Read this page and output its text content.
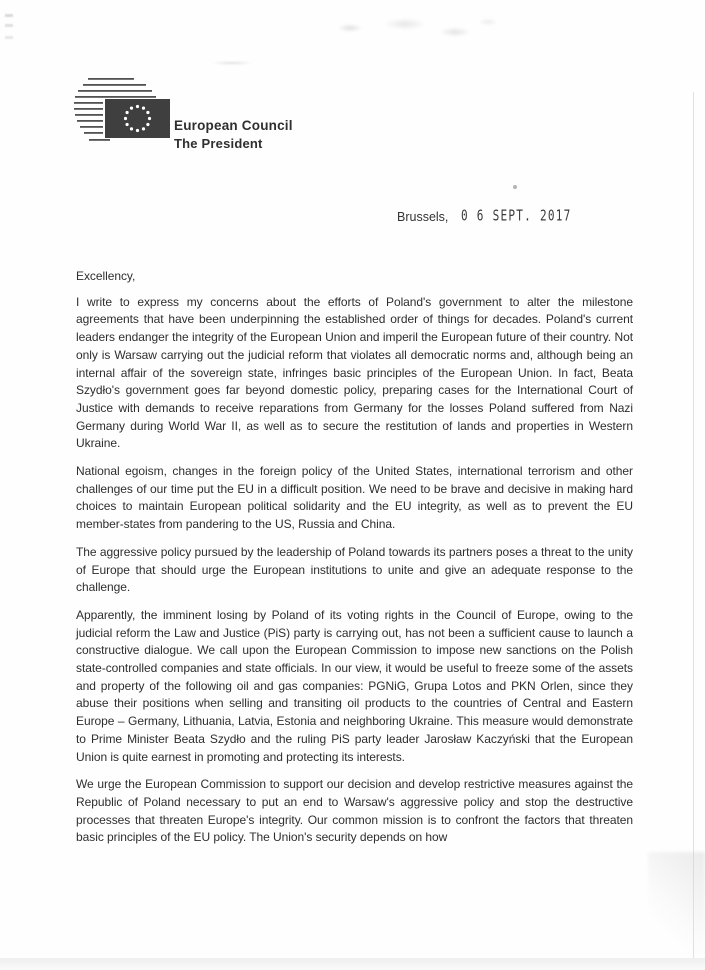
European Council
The President
Brussels, 0 6 SEPT. 2017

Excellency,

I write to express my concerns about the efforts of Poland's government to alter the milestone agreements that have been underpinning the established order of things for decades. Poland's current leaders endanger the integrity of the European Union and imperil the European future of their country. Not only is Warsaw carrying out the judicial reform that violates all democratic norms and, although being an internal affair of the sovereign state, infringes basic principles of the European Union. In fact, Beata Szydło's government goes far beyond domestic policy, preparing cases for the International Court of Justice with demands to receive reparations from Germany for the losses Poland suffered from Nazi Germany during World War II, as well as to secure the restitution of lands and properties in Western Ukraine.

National egoism, changes in the foreign policy of the United States, international terrorism and other challenges of our time put the EU in a difficult position. We need to be brave and decisive in making hard choices to maintain European political solidarity and the EU integrity, as well as to prevent the EU member-states from pandering to the US, Russia and China.

The aggressive policy pursued by the leadership of Poland towards its partners poses a threat to the unity of Europe that should urge the European institutions to unite and give an adequate response to the challenge.

Apparently, the imminent losing by Poland of its voting rights in the Council of Europe, owing to the judicial reform the Law and Justice (PiS) party is carrying out, has not been a sufficient cause to launch a constructive dialogue. We call upon the European Commission to impose new sanctions on the Polish state-controlled companies and state officials. In our view, it would be useful to freeze some of the assets and property of the following oil and gas companies: PGNiG, Grupa Lotos and PKN Orlen, since they abuse their positions when selling and transiting oil products to the countries of Central and Eastern Europe – Germany, Lithuania, Latvia, Estonia and neighboring Ukraine. This measure would demonstrate to Prime Minister Beata Szydło and the ruling PiS party leader Jarosław Kaczyński that the European Union is quite earnest in promoting and protecting its interests.

We urge the European Commission to support our decision and develop restrictive measures against the Republic of Poland necessary to put an end to Warsaw's aggressive policy and stop the destructive processes that threaten Europe's integrity. Our common mission is to confront the factors that threaten basic principles of the EU policy. The Union's security depends on how
